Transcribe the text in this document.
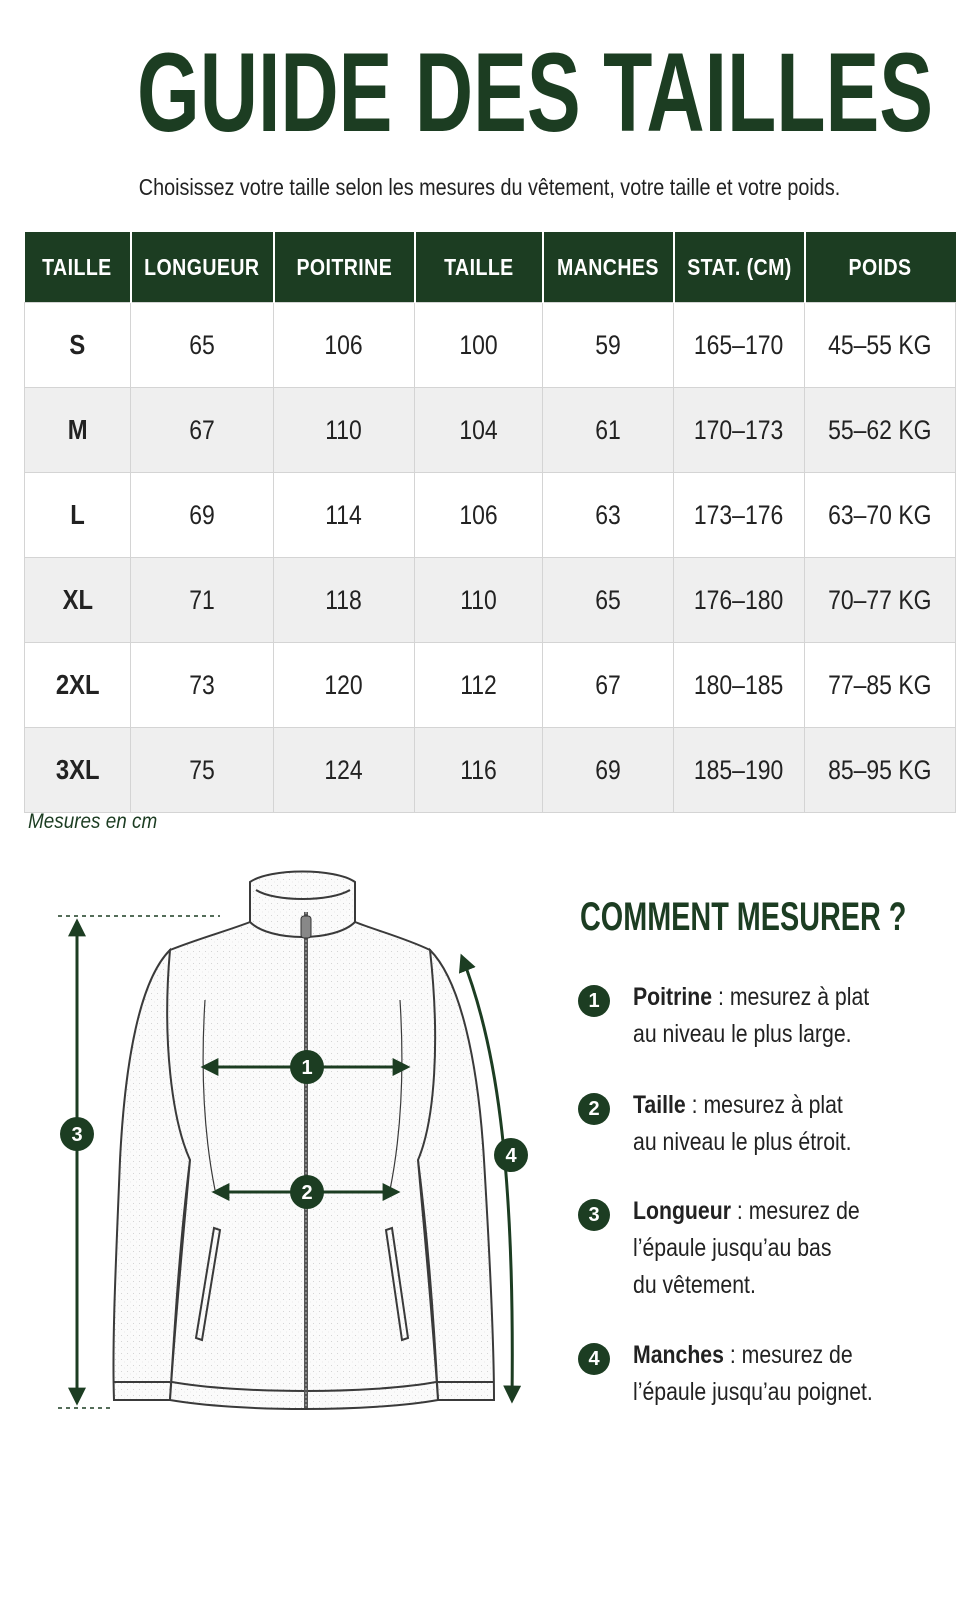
GUIDE DES TAILLES
Choisissez votre taille selon les mesures du vêtement, votre taille et votre poids.
TAILLE	LONGUEUR	POITRINE	TAILLE	MANCHES	STAT. (CM)	POIDS
S	65	106	100	59	165–170	45–55 KG
M	67	110	104	61	170–173	55–62 KG
L	69	114	106	63	173–176	63–70 KG
XL	71	118	110	65	176–180	70–77 KG
2XL	73	120	112	67	180–185	77–85 KG
3XL	75	124	116	69	185–190	85–95 KG
Mesures en cm
1
2
3
4
COMMENT MESURER ?
1	Poitrine : mesurez à plat
au niveau le plus large.
2	Taille : mesurez à plat
au niveau le plus étroit.
3	Longueur : mesurez de
l’épaule jusqu’au bas
du vêtement.
4	Manches : mesurez de
l’épaule jusqu’au poignet.
